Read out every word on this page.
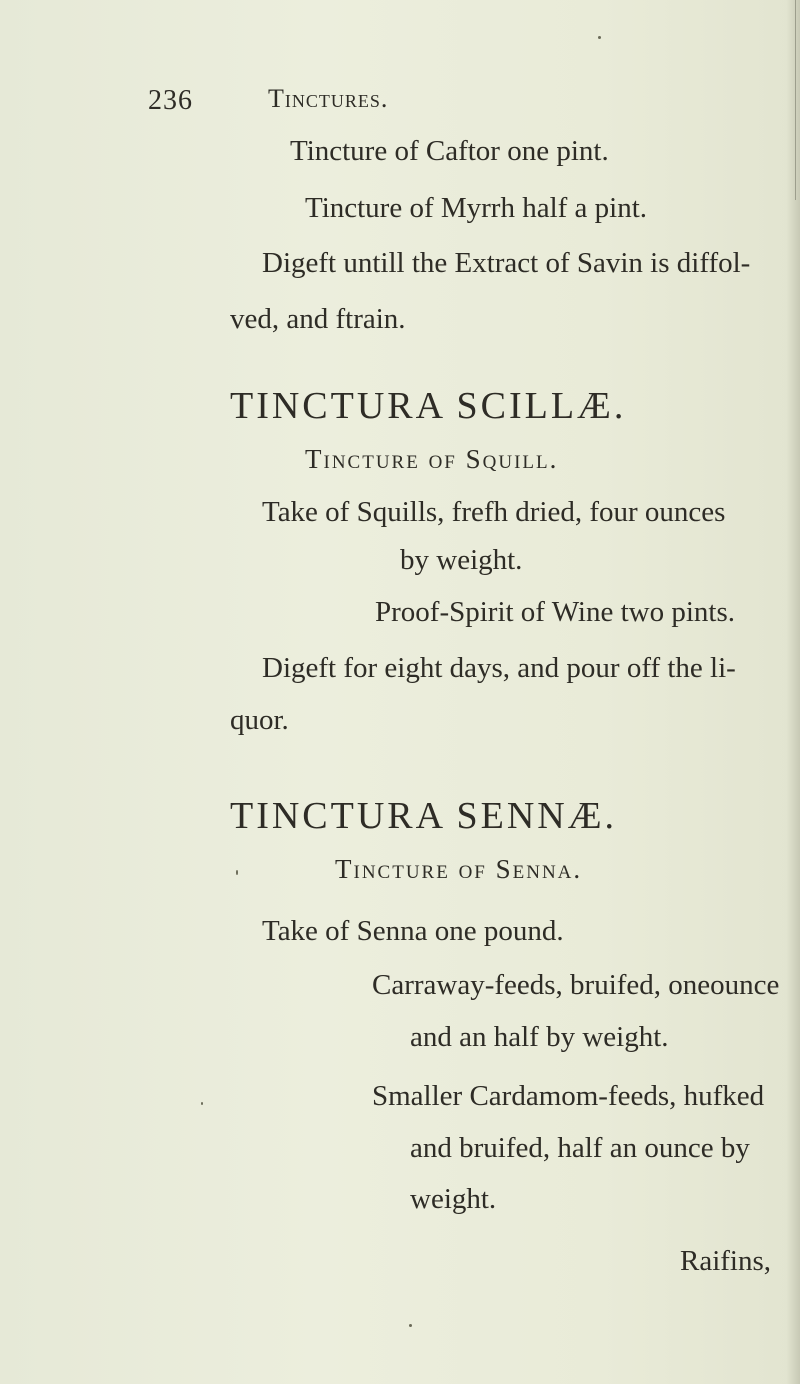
236	Tinctures.
Tincture of Caftor one pint.
Tincture of Myrrh half a pint.
Digeft untill the Extract of Savin is diffol-
ved, and ftrain.
TINCTURA SCILLÆ.
Tincture of Squill.
Take of Squills, frefh dried, four ounces
by weight.
Proof-Spirit of Wine two pints.
Digeft for eight days, and pour off the li-
quor.
TINCTURA SENNÆ.
Tincture of Senna.
Take of Senna one pound.
Carraway-feeds, bruifed, oneounce
and an half by weight.
Smaller Cardamom-feeds, hufked
and bruifed, half an ounce by
weight.
Raifins,
